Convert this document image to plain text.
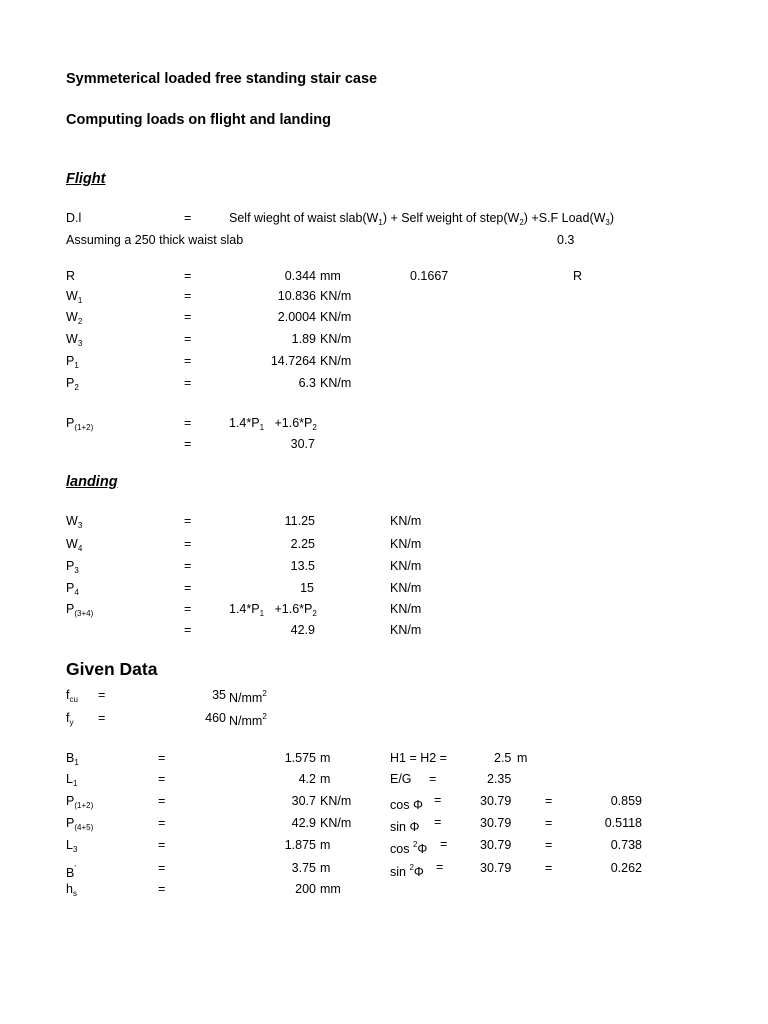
Symmeterical loaded free standing stair case
Computing loads on flight and landing
Flight
D.l	=	Self wieght of waist $slab(W_1)$ + Self weight of $step(W_2) +S.F$ $Load(W_3)$
Assuming a 250 thick waist slab	0.3
R	=	0.344 mm	0.1667	R
$W_1$	=	10.836 KN/m
$W_2$	=	2.0004 KN/m
$W_3$	=	1.89 KN/m
$P_1$	=	14.7264 KN/m
$P_2$	=	6.3 KN/m
$P_{(1+2)}$	=	$1.4*P_1 +1.6*P_2$
=	30.7
landing
$W_3$	=	11.25	KN/m
$W_4$	=	2.25	KN/m
$P_3$	=	13.5	KN/m
$P_4$	=	15	KN/m
$P_{(3+4)}$	=	$1.4*P_1 +1.6*P_2$	KN/m
=	42.9	KN/m
Given Data
$f_{cu}$ =	35 $N/mm^2$
$f_y$ =	460 $N/mm^2$
$B_1$	=	1.575 m
$L_1$	=	4.2 m
$P_{(1+2)}$	=	30.7 KN/m
$P_{(4+5)}$	=	42.9 KN/m
$L_3$	=	1.875 m
B'	=	3.75 m
$h_s$	=	200 mm
H1 = H2 =	2.5 m
E/G =	2.35
cos Φ =	30.79	=	0.859
sin Φ =	30.79	=	0.5118
cos $^2$Φ =	30.79	=	0.738
sin $^2$Φ =	30.79	=	0.262
